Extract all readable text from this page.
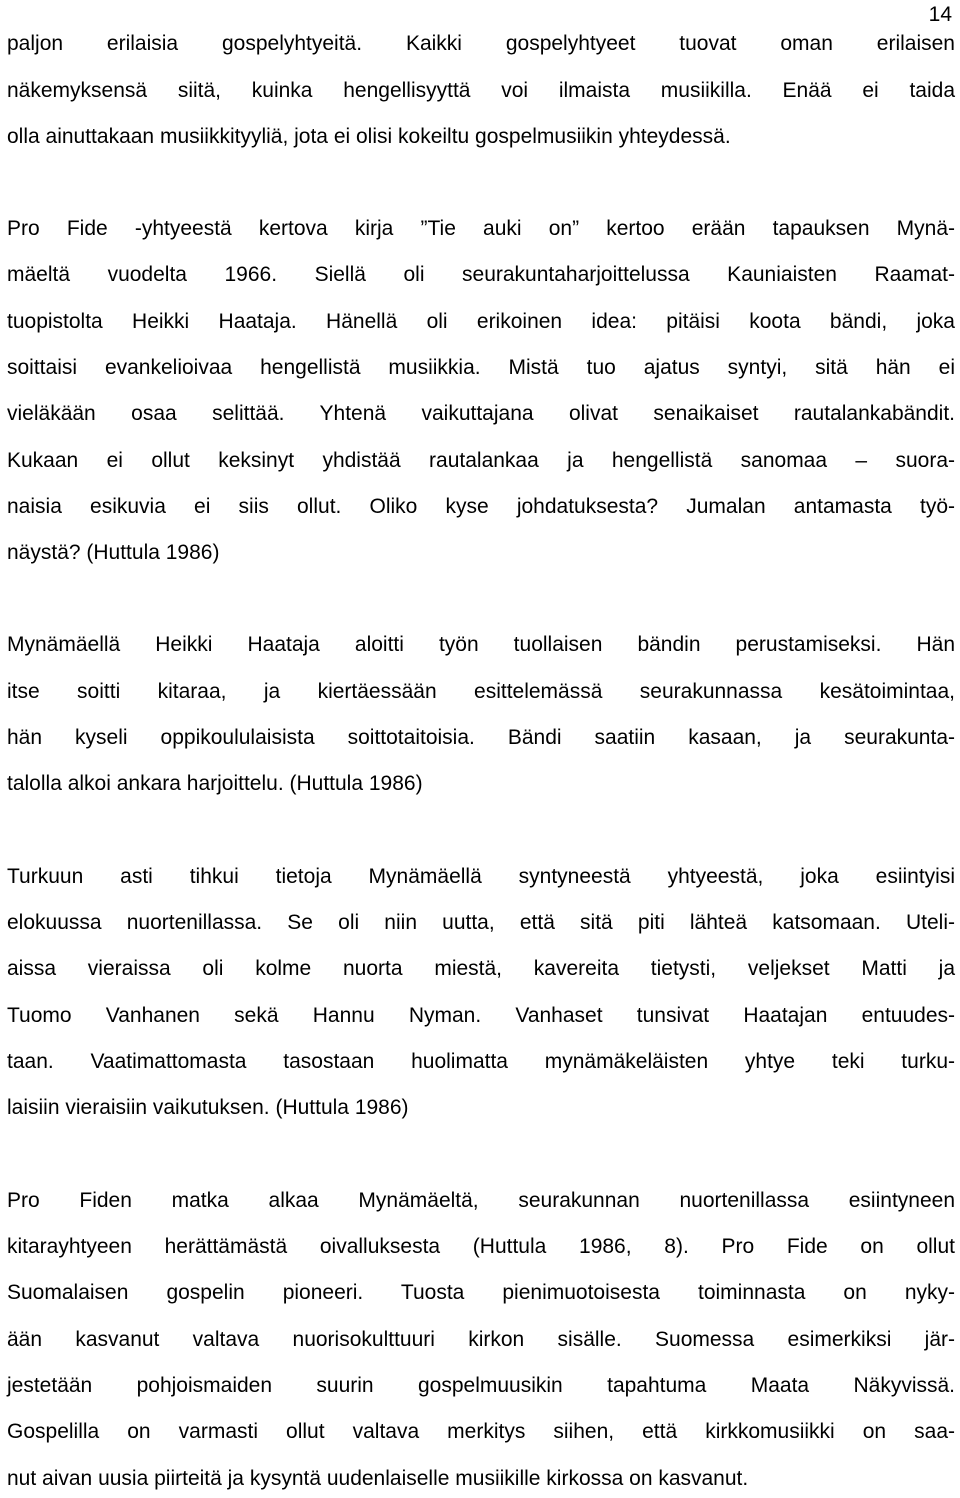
14
paljon erilaisia gospelyhtyeitä. Kaikki gospelyhtyeet tuovat oman erilaisen
näkemyksensä siitä, kuinka hengellisyyttä voi ilmaista musiikilla. Enää ei taida
olla ainuttakaan musiikkityyliä, jota ei olisi kokeiltu gospelmusiikin yhteydessä.
Pro Fide -yhtyeestä kertova kirja ”Tie auki on” kertoo erään tapauksen Mynä-
mäeltä vuodelta 1966. Siellä oli seurakuntaharjoittelussa Kauniaisten Raamat-
tuopistolta Heikki Haataja. Hänellä oli erikoinen idea: pitäisi koota bändi, joka
soittaisi evankelioivaa hengellistä musiikkia. Mistä tuo ajatus syntyi, sitä hän ei
vieläkään osaa selittää. Yhtenä vaikuttajana olivat senaikaiset rautalankabändit.
Kukaan ei ollut keksinyt yhdistää rautalankaa ja hengellistä sanomaa – suora-
naisia esikuvia ei siis ollut. Oliko kyse johdatuksesta? Jumalan antamasta työ-
näystä? (Huttula 1986)
Mynämäellä Heikki Haataja aloitti työn tuollaisen bändin perustamiseksi. Hän
itse soitti kitaraa, ja kiertäessään esittelemässä seurakunnassa kesätoimintaa,
hän kyseli oppikoululaisista soittotaitoisia. Bändi saatiin kasaan, ja seurakunta-
talolla alkoi ankara harjoittelu. (Huttula 1986)
Turkuun asti tihkui tietoja Mynämäellä syntyneestä yhtyeestä, joka esiintyisi
elokuussa nuortenillassa. Se oli niin uutta, että sitä piti lähteä katsomaan. Uteli-
aissa vieraissa oli kolme nuorta miestä, kavereita tietysti, veljekset Matti ja
Tuomo Vanhanen sekä Hannu Nyman. Vanhaset tunsivat Haatajan entuudes-
taan. Vaatimattomasta tasostaan huolimatta mynämäkeläisten yhtye teki turku-
laisiin vieraisiin vaikutuksen. (Huttula 1986)
Pro Fiden matka alkaa Mynämäeltä, seurakunnan nuortenillassa esiintyneen
kitarayhtyeen herättämästä oivalluksesta (Huttula 1986, 8). Pro Fide on ollut
Suomalaisen gospelin pioneeri. Tuosta pienimuotoisesta toiminnasta on nyky-
ään kasvanut valtava nuorisokulttuuri kirkon sisälle. Suomessa esimerkiksi jär-
jestetään pohjoismaiden suurin gospelmuusikin tapahtuma Maata Näkyvissä.
Gospelilla on varmasti ollut valtava merkitys siihen, että kirkkomusiikki on saa-
nut aivan uusia piirteitä ja kysyntä uudenlaiselle musiikille kirkossa on kasvanut.
